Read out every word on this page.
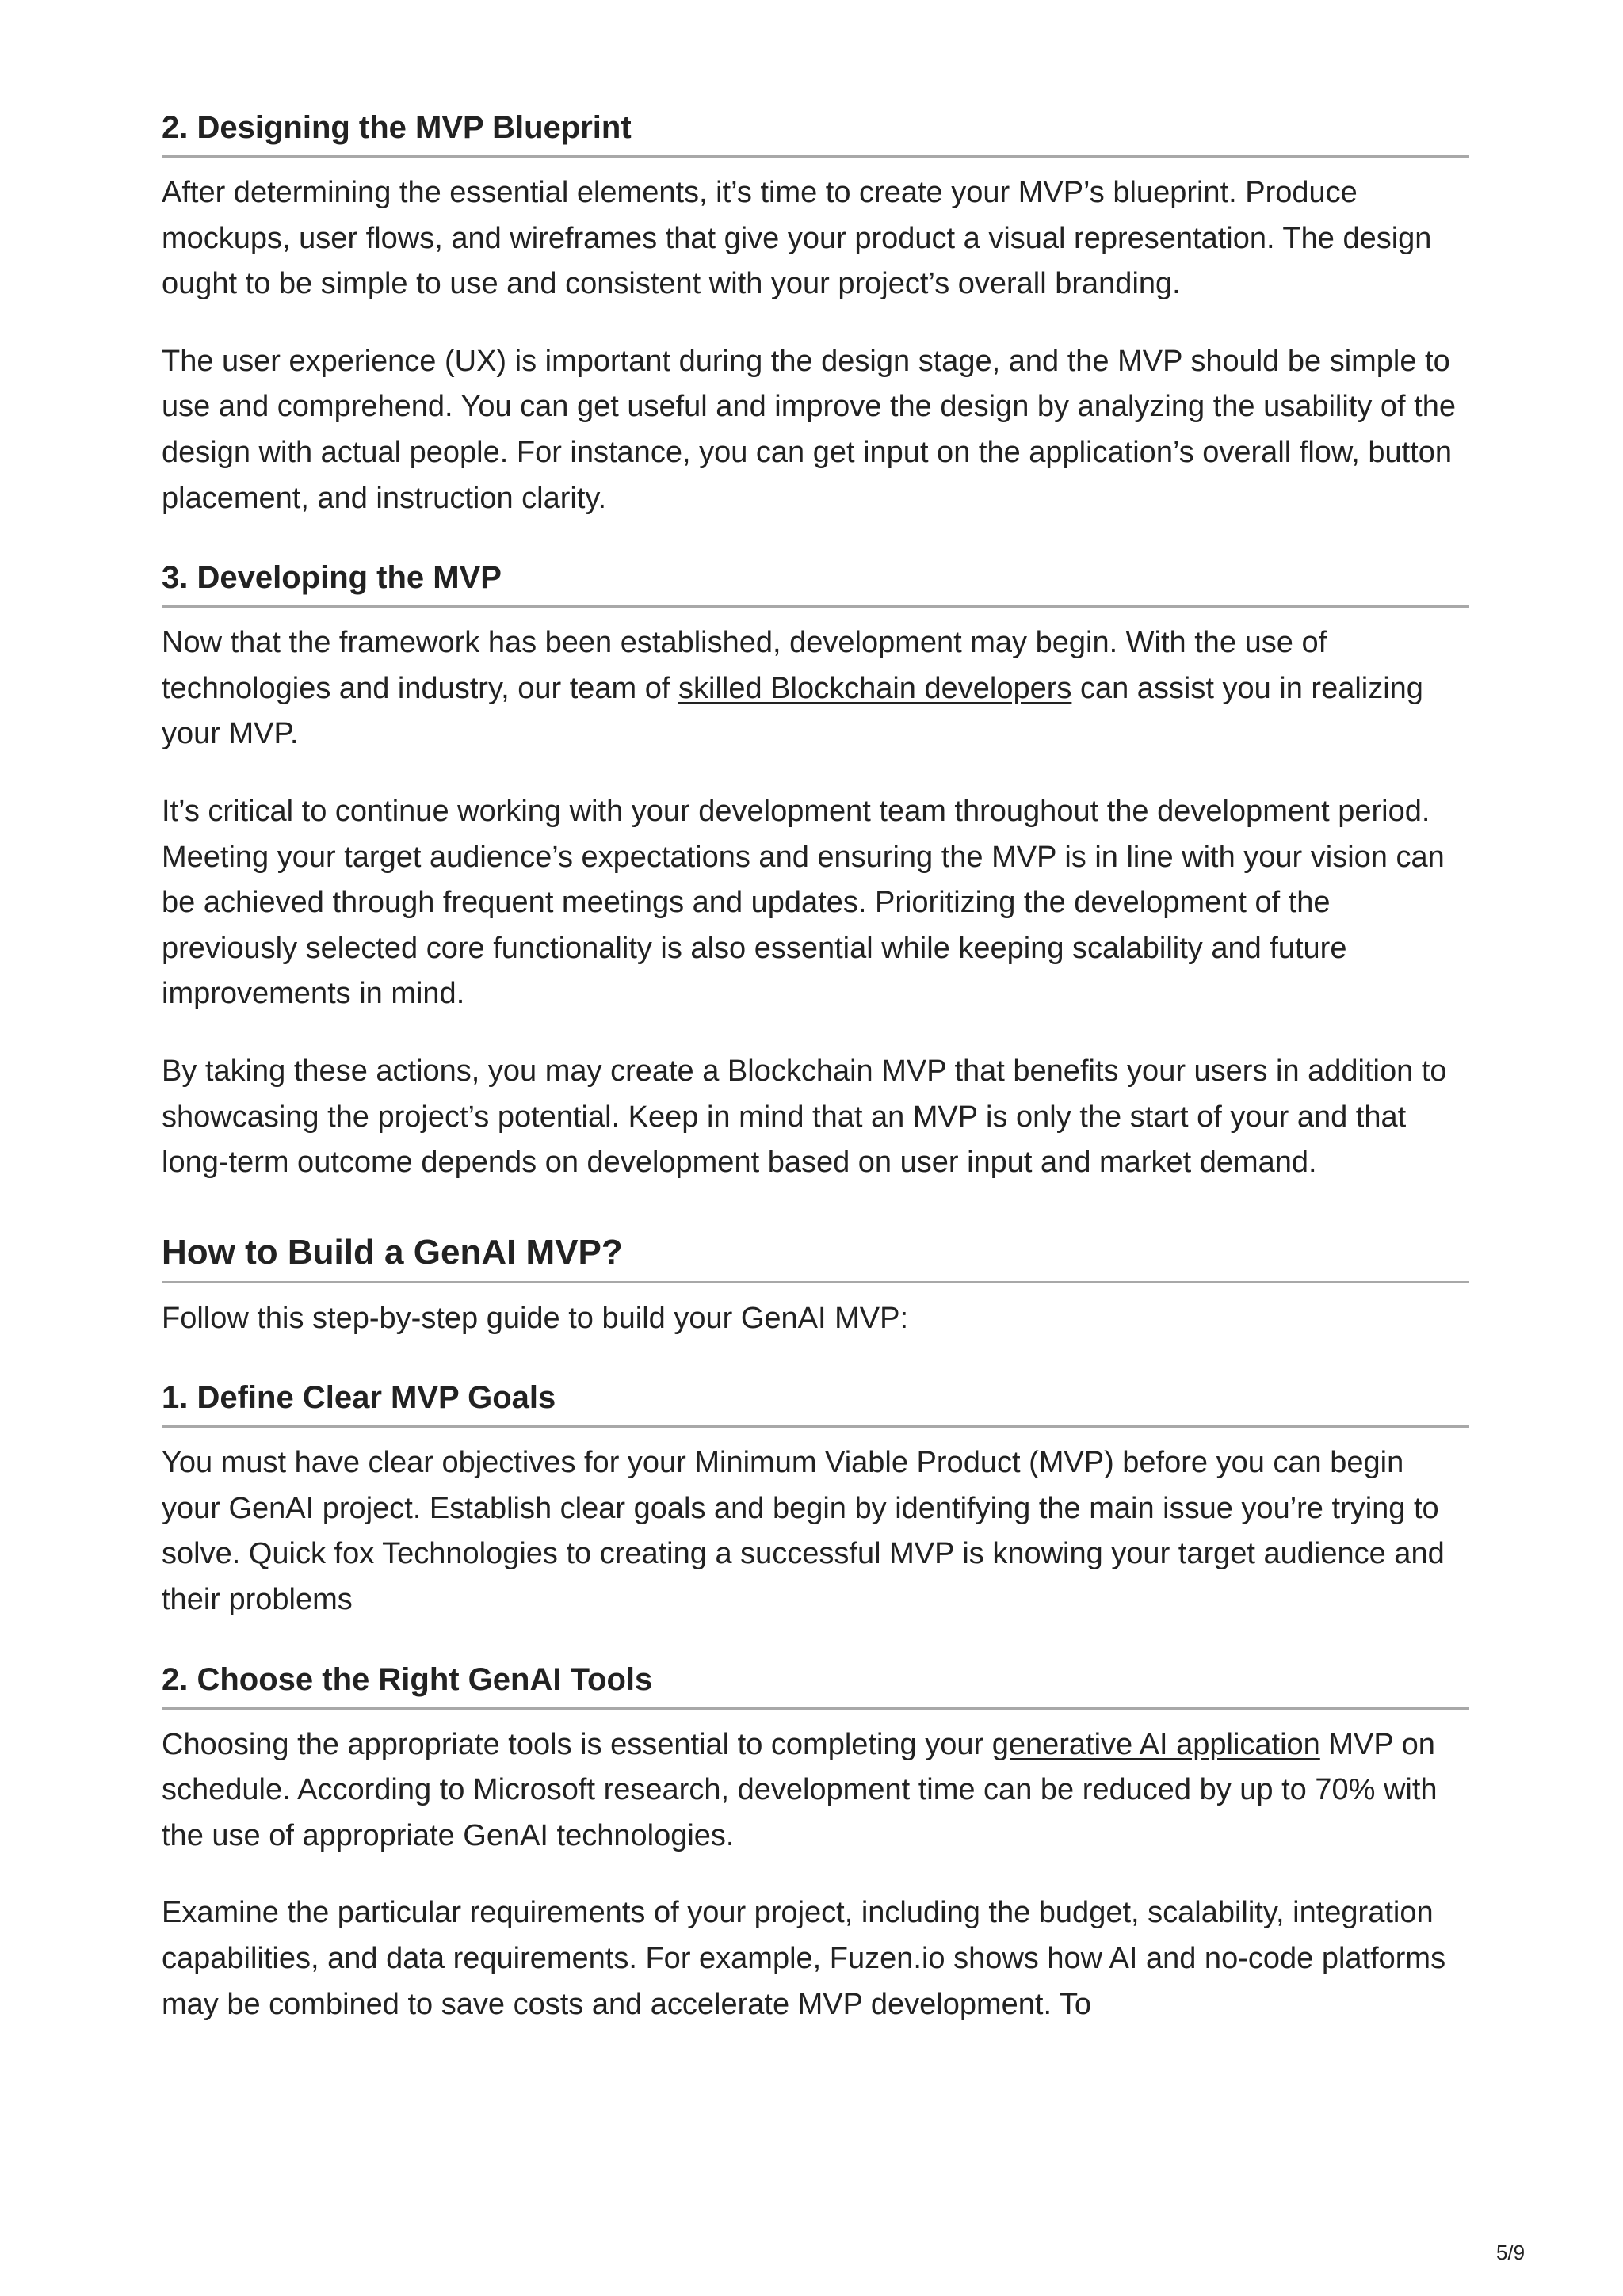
2. Designing the MVP Blueprint

After determining the essential elements, it’s time to create your MVP’s blueprint. Produce mockups, user flows, and wireframes that give your product a visual representation. The design ought to be simple to use and consistent with your project’s overall branding.

The user experience (UX) is important during the design stage, and the MVP should be simple to use and comprehend. You can get useful and improve the design by analyzing the usability of the design with actual people. For instance, you can get input on the application’s overall flow, button placement, and instruction clarity.

3. Developing the MVP

Now that the framework has been established, development may begin. With the use of technologies and industry, our team of skilled Blockchain developers can assist you in realizing your MVP.

It’s critical to continue working with your development team throughout the development period. Meeting your target audience’s expectations and ensuring the MVP is in line with your vision can be achieved through frequent meetings and updates. Prioritizing the development of the previously selected core functionality is also essential while keeping scalability and future improvements in mind.

By taking these actions, you may create a Blockchain MVP that benefits your users in addition to showcasing the project’s potential. Keep in mind that an MVP is only the start of your and that long-term outcome depends on development based on user input and market demand.

How to Build a GenAI MVP?

Follow this step-by-step guide to build your GenAI MVP:

1. Define Clear MVP Goals

You must have clear objectives for your Minimum Viable Product (MVP) before you can begin your GenAI project. Establish clear goals and begin by identifying the main issue you’re trying to solve. Quick fox Technologies to creating a successful MVP is knowing your target audience and their problems

2. Choose the Right GenAI Tools

Choosing the appropriate tools is essential to completing your generative AI application MVP on schedule. According to Microsoft research, development time can be reduced by up to 70% with the use of appropriate GenAI technologies.

Examine the particular requirements of your project, including the budget, scalability, integration capabilities, and data requirements. For example, Fuzen.io shows how AI and no-code platforms may be combined to save costs and accelerate MVP development. To

5/9
